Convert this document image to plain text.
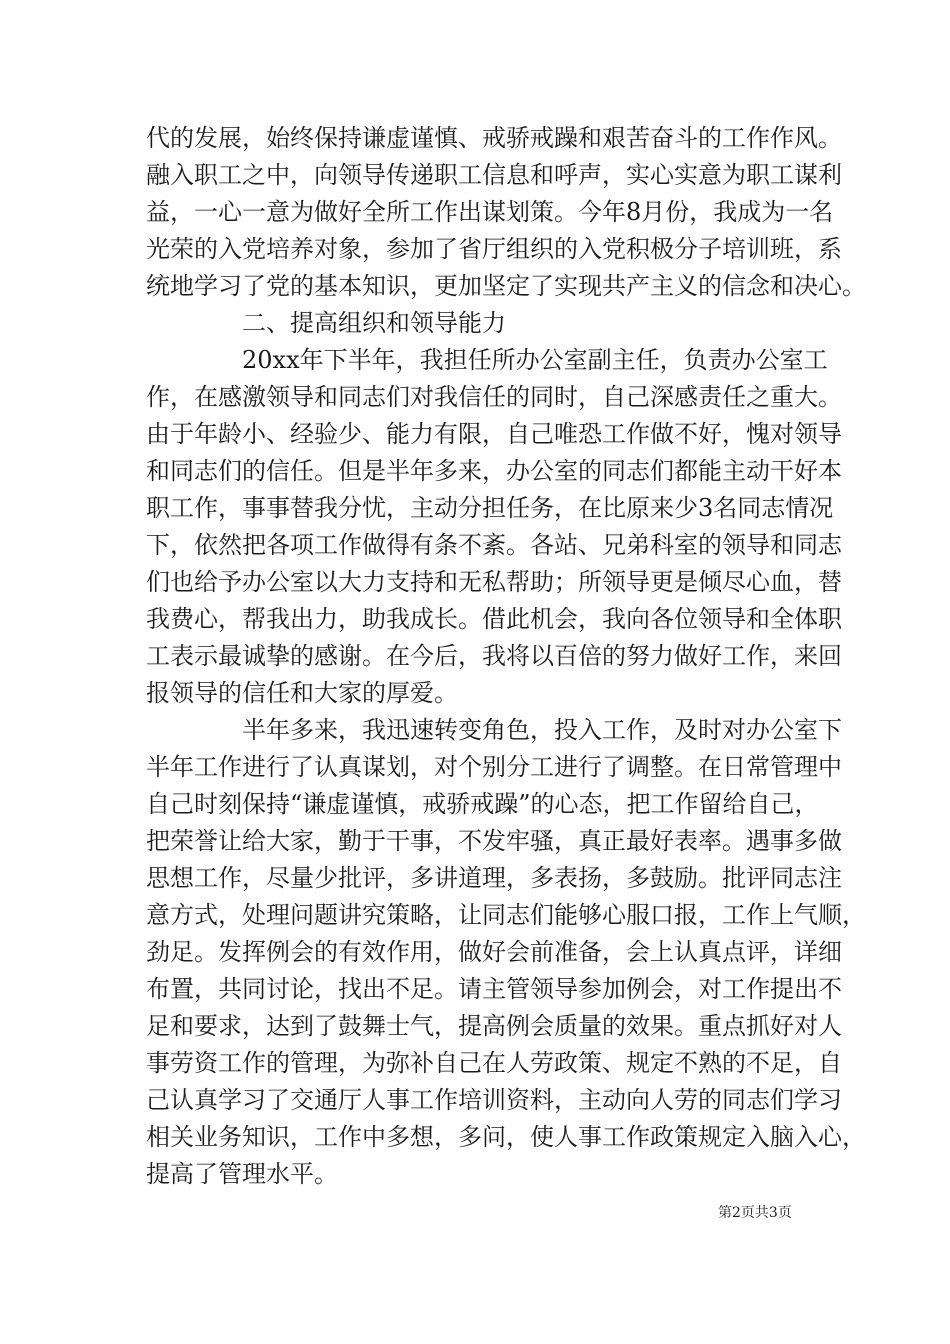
代的发展，始终保持谦虚谨慎、戒骄戒躁和艰苦奋斗的工作作风。
融入职工之中，向领导传递职工信息和呼声，实心实意为职工谋利
益，一心一意为做好全所工作出谋划策。今年8月份，我成为一名
光荣的入党培养对象，参加了省厅组织的入党积极分子培训班，系
统地学习了党的基本知识，更加坚定了实现共产主义的信念和决心。
二、提高组织和领导能力
20xx年下半年，我担任所办公室副主任，负责办公室工
作，在感激领导和同志们对我信任的同时，自己深感责任之重大。
由于年龄小、经验少、能力有限，自己唯恐工作做不好，愧对领导
和同志们的信任。但是半年多来，办公室的同志们都能主动干好本
职工作，事事替我分忧，主动分担任务，在比原来少3名同志情况
下，依然把各项工作做得有条不紊。各站、兄弟科室的领导和同志
们也给予办公室以大力支持和无私帮助；所领导更是倾尽心血，替
我费心，帮我出力，助我成长。借此机会，我向各位领导和全体职
工表示最诚挚的感谢。在今后，我将以百倍的努力做好工作，来回
报领导的信任和大家的厚爱。
半年多来，我迅速转变角色，投入工作，及时对办公室下
半年工作进行了认真谋划，对个别分工进行了调整。在日常管理中
自己时刻保持“谦虚谨慎，戒骄戒躁”的心态，把工作留给自己，
把荣誉让给大家，勤于干事，不发牢骚，真正最好表率。遇事多做
思想工作，尽量少批评，多讲道理，多表扬，多鼓励。批评同志注
意方式，处理问题讲究策略，让同志们能够心服口报，工作上气顺，
劲足。发挥例会的有效作用，做好会前准备，会上认真点评，详细
布置，共同讨论，找出不足。请主管领导参加例会，对工作提出不
足和要求，达到了鼓舞士气，提高例会质量的效果。重点抓好对人
事劳资工作的管理，为弥补自己在人劳政策、规定不熟的不足，自
己认真学习了交通厅人事工作培训资料，主动向人劳的同志们学习
相关业务知识，工作中多想，多问，使人事工作政策规定入脑入心，
提高了管理水平。
第2页共3页
